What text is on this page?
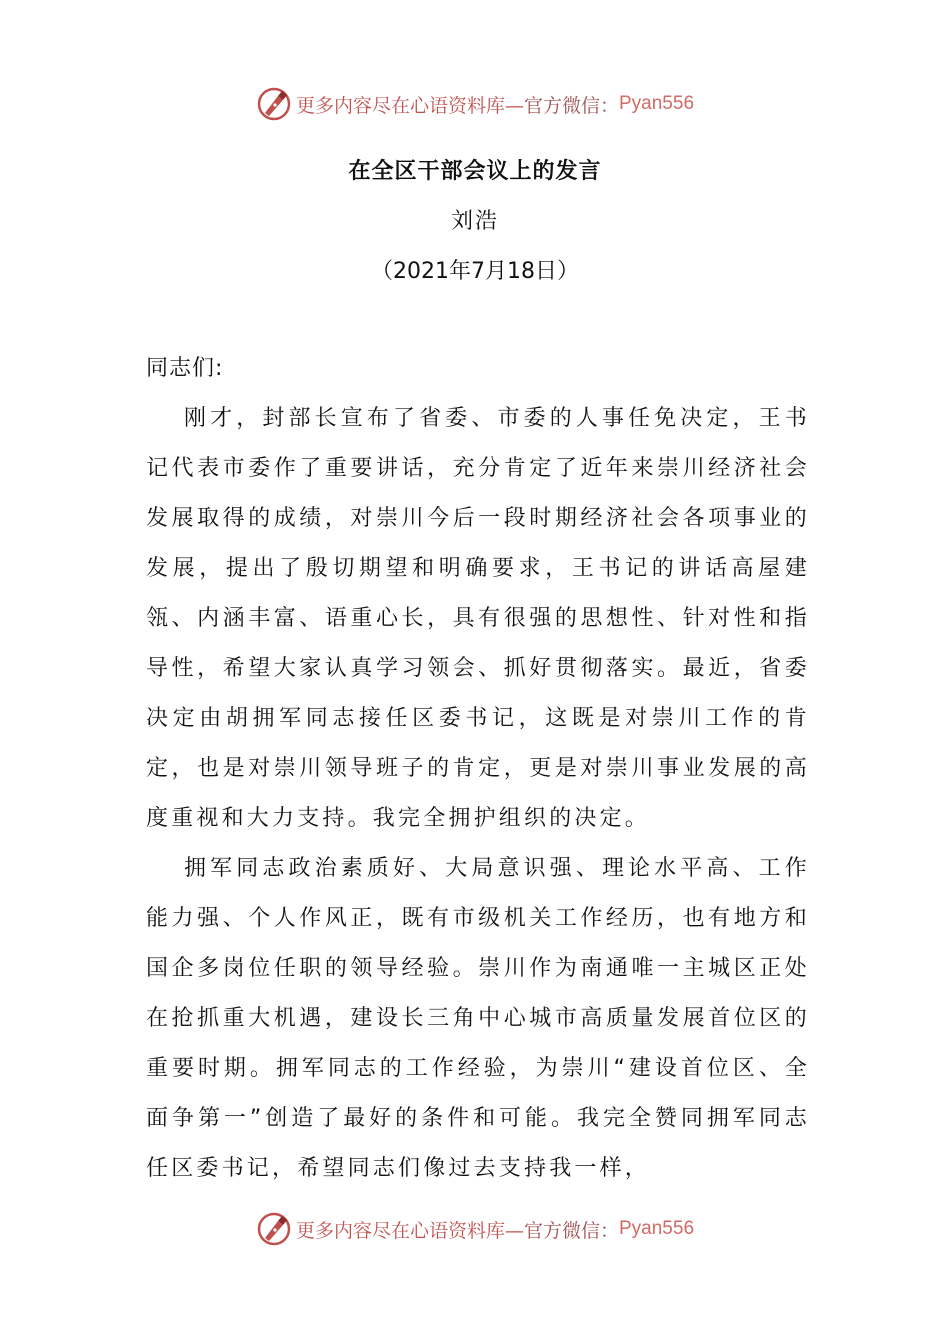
更多内容尽在心语资料库— 官方微信： Pyan556
在全区干部会议上的发言
刘浩
（2021年7月18日）

同志们:

刚才，封部长宣布了省委、市委的人事任免决定，王书记代表市委作了重要讲话，充分肯定了近年来崇川经济社会发展取得的成绩，对崇川今后一段时期经济社会各项事业的发展，提出了殷切期望和明确要求，王书记的讲话高屋建瓴、内涵丰富、语重心长，具有很强的思想性、针对性和指导性，希望大家认真学习领会、抓好贯彻落实。最近，省委决定由胡拥军同志接任区委书记，这既是对崇川工作的肯定，也是对崇川领导班子的肯定，更是对崇川事业发展的高度重视和大力支持。我完全拥护组织的决定。

拥军同志政治素质好、大局意识强、理论水平高、工作能力强、个人作风正，既有市级机关工作经历，也有地方和国企多岗位任职的领导经验。崇川作为南通唯一主城区正处在抢抓重大机遇，建设长三角中心城市高质量发展首位区的重要时期。拥军同志的工作经验，为崇川“建设首位区、全面争第一”创造了最好的条件和可能。我完全赞同拥军同志任区委书记，希望同志们像过去支持我一样，

更多内容尽在心语资料库— 官方微信： Pyan556
